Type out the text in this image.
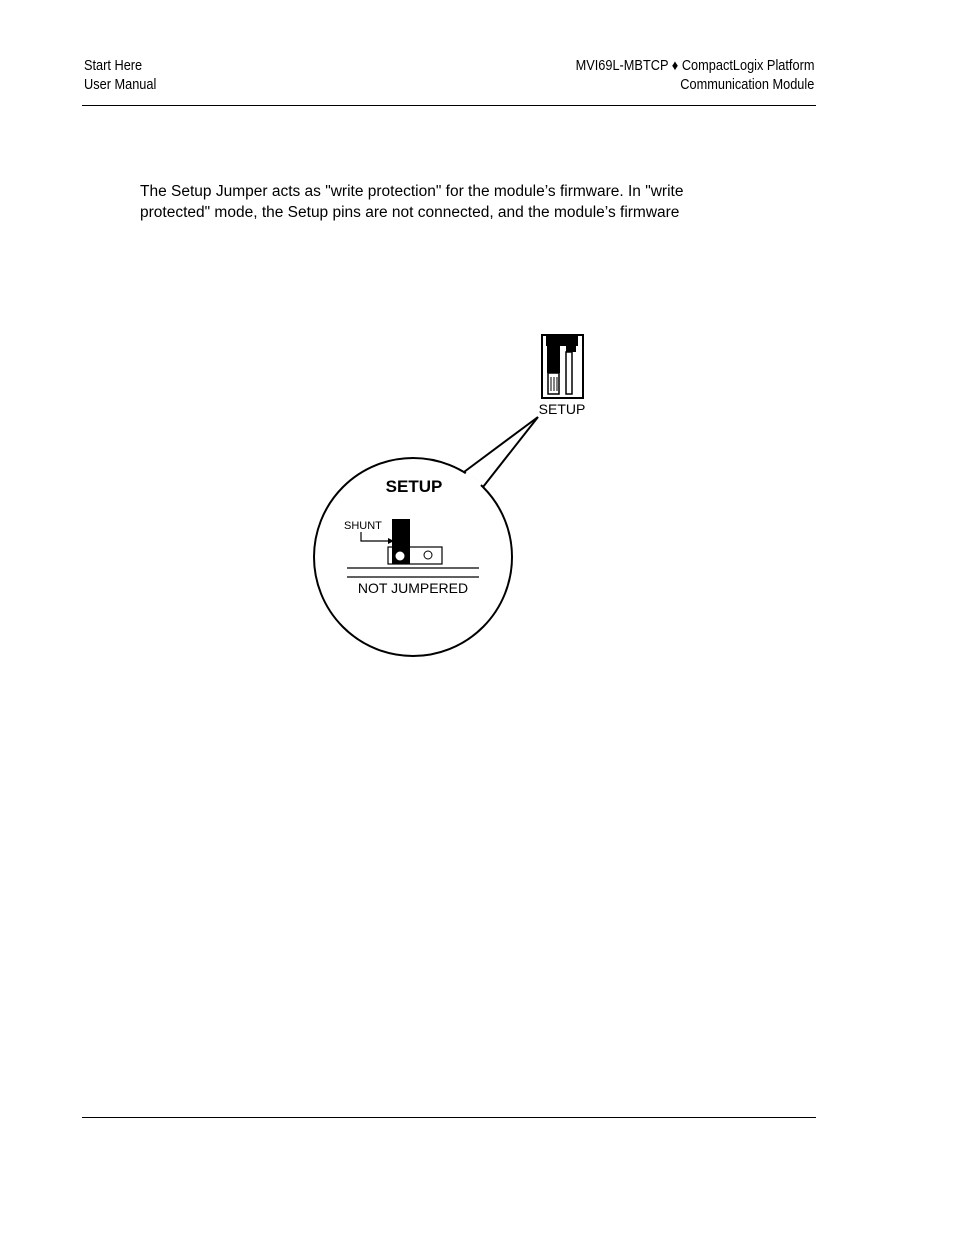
Start Here
User Manual
MVI69L-MBTCP ♦ CompactLogix Platform
Communication Module
The Setup Jumper acts as "write protection" for the module’s firmware. In "write
protected" mode, the Setup pins are not connected, and the module’s firmware
SETUP
SETUP
SHUNT
NOT JUMPERED
